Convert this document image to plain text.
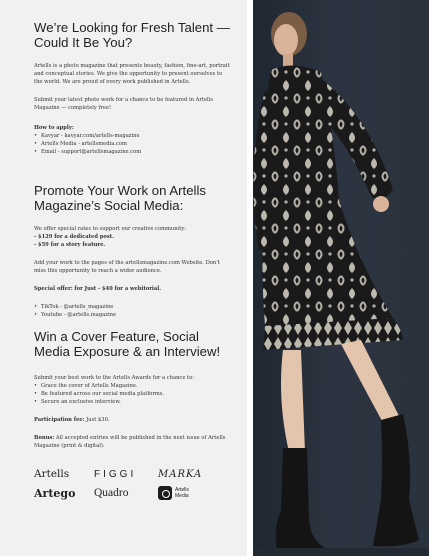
We’re Looking for Fresh Talent — Could It Be You?

Artells is a photo magazine that presents beauty, fashion, fine-art, portrait and conceptual stories. We give the opportunity to present ourselves to the world. We are proud of every work published in Artells.

Submit your latest photo work for a chance to be featured in Artells Magazine — completely free!

How to apply:

• Kavyar - kavyar.com/artells-magazine
• Artells Media - artellsmedia.com
• Email - support@artellsmagazine.com
Promote Your Work on Artells Magazine’s Social Media:

We offer special rates to support our creative community:

- $129 for a dedicated post.

- $59 for a story feature.

Add your work to the pages of the artellsmagazine.com Website. Don’t miss this opportunity to reach a wider audience.

Special offer: for Just - $40 for a webitorial.

• TikTok - @artells_magazine
• Youtube - @artells.magazine
Win a Cover Feature, Social Media Exposure & an Interview!

Submit your best work to the Artells Awards for a chance to:

• Grace the cover of Artells Magazine.
• Be featured across our social media platforms.
• Secure an exclusive interview.

Participation fee: Just $30.

Bonus: All accepted entries will be published in the next issue of Artells Magazine (print & digital).

Artells	FIGGI	MARKA
Artego	Quadro	Artells
Media
